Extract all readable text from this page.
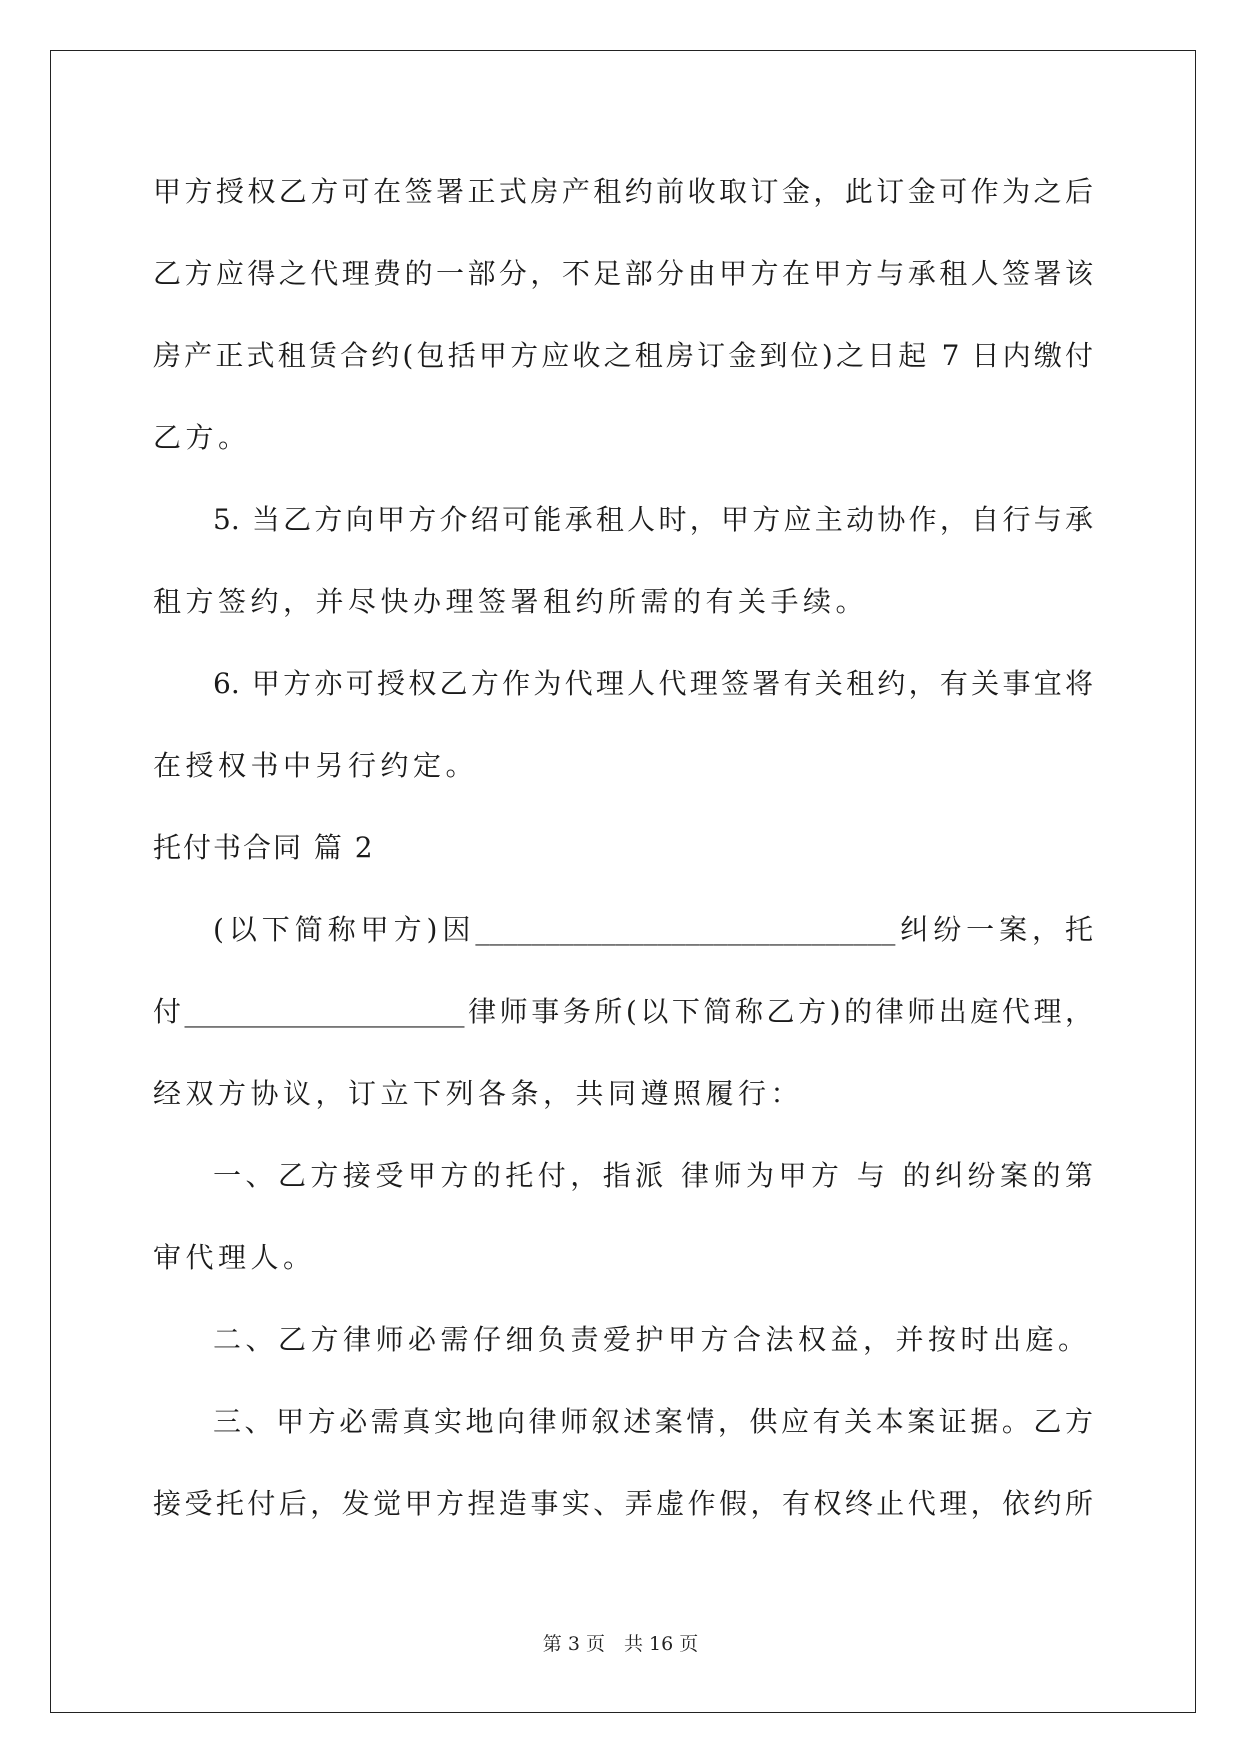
甲方授权乙方可在签署正式房产租约前收取订金，此订金可作为之后
乙方应得之代理费的一部分，不足部分由甲方在甲方与承租人签署该
房产正式租赁合约(包括甲方应收之租房订金到位)之日起 7 日内缴付
乙方。
5. 当乙方向甲方介绍可能承租人时，甲方应主动协作，自行与承
租方签约，并尽快办理签署租约所需的有关手续。
6. 甲方亦可授权乙方作为代理人代理签署有关租约，有关事宜将
在授权书中另行约定。
托付书合同 篇 2
(以下简称甲方)因______________________________纠纷一案，托
付____________________律师事务所(以下简称乙方)的律师出庭代理，
经双方协议，订立下列各条，共同遵照履行：
一、乙方接受甲方的托付，指派 律师为甲方 与 的纠纷案的第
审代理人。
二、乙方律师必需仔细负责爱护甲方合法权益，并按时出庭。
三、甲方必需真实地向律师叙述案情，供应有关本案证据。乙方
接受托付后，发觉甲方捏造事实、弄虚作假，有权终止代理，依约所
第 3 页　共 16 页
